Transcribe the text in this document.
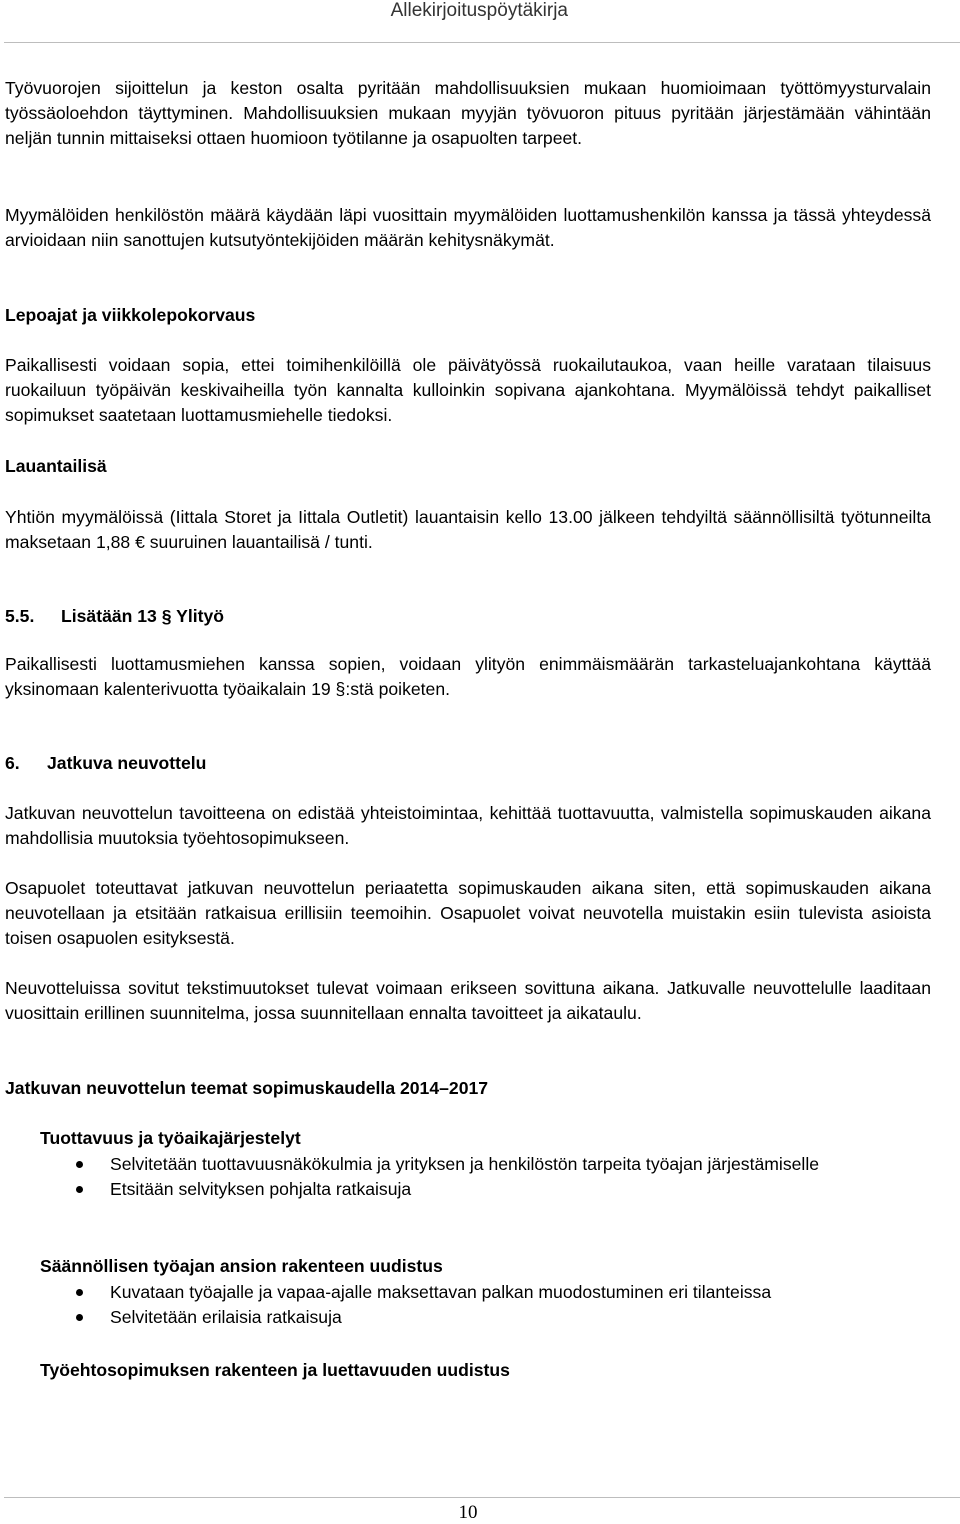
Allekirjoituspöytäkirja

Työvuorojen sijoittelun ja keston osalta pyritään mahdollisuuksien mukaan huomioimaan työttömyysturvalain työssäoloehdon täyttyminen. Mahdollisuuksien mukaan myyjän työvuoron pituus pyritään järjestämään vähintään neljän tunnin mittaiseksi ottaen huomioon työtilanne ja osapuolten tarpeet.

Myymälöiden henkilöstön määrä käydään läpi vuosittain myymälöiden luottamushenkilön kanssa ja tässä yhteydessä arvioidaan niin sanottujen kutsutyöntekijöiden määrän kehitysnäkymät.

Lepoajat ja viikkolepokorvaus

Paikallisesti voidaan sopia, ettei toimihenkilöillä ole päivätyössä ruokailutaukoa, vaan heille varataan tilaisuus ruokailuun työpäivän keskivaiheilla työn kannalta kulloinkin sopivana ajankohtana. Myymälöissä tehdyt paikalliset sopimukset saatetaan luottamusmiehelle tiedoksi.

Lauantailisä

Yhtiön myymälöissä (Iittala Storet ja Iittala Outletit) lauantaisin kello 13.00 jälkeen tehdyiltä säännöllisiltä työtunneilta maksetaan 1,88 € suuruinen lauantailisä / tunti.

5.5. Lisätään 13 § Ylityö

Paikallisesti luottamusmiehen kanssa sopien, voidaan ylityön enimmäismäärän tarkasteluajankohtana käyttää yksinomaan kalenterivuotta työaikalain 19 §:stä poiketen.

6. Jatkuva neuvottelu

Jatkuvan neuvottelun tavoitteena on edistää yhteistoimintaa, kehittää tuottavuutta, valmistella sopimuskauden aikana mahdollisia muutoksia työehtosopimukseen.

Osapuolet toteuttavat jatkuvan neuvottelun periaatetta sopimuskauden aikana siten, että sopimuskauden aikana neuvotellaan ja etsitään ratkaisua erillisiin teemoihin. Osapuolet voivat neuvotella muistakin esiin tulevista asioista toisen osapuolen esityksestä.

Neuvotteluissa sovitut tekstimuutokset tulevat voimaan erikseen sovittuna aikana. Jatkuvalle neuvottelulle laaditaan vuosittain erillinen suunnitelma, jossa suunnitellaan ennalta tavoitteet ja aikataulu.

Jatkuvan neuvottelun teemat sopimuskaudella 2014–2017

Tuottavuus ja työaikajärjestelyt

Selvitetään tuottavuusnäkökulmia ja yrityksen ja henkilöstön tarpeita työajan järjestämiselle
Etsitään selvityksen pohjalta ratkaisuja

Säännöllisen työajan ansion rakenteen uudistus

Kuvataan työajalle ja vapaa-ajalle maksettavan palkan muodostuminen eri tilanteissa
Selvitetään erilaisia ratkaisuja

Työehtosopimuksen rakenteen ja luettavuuden uudistus

10
